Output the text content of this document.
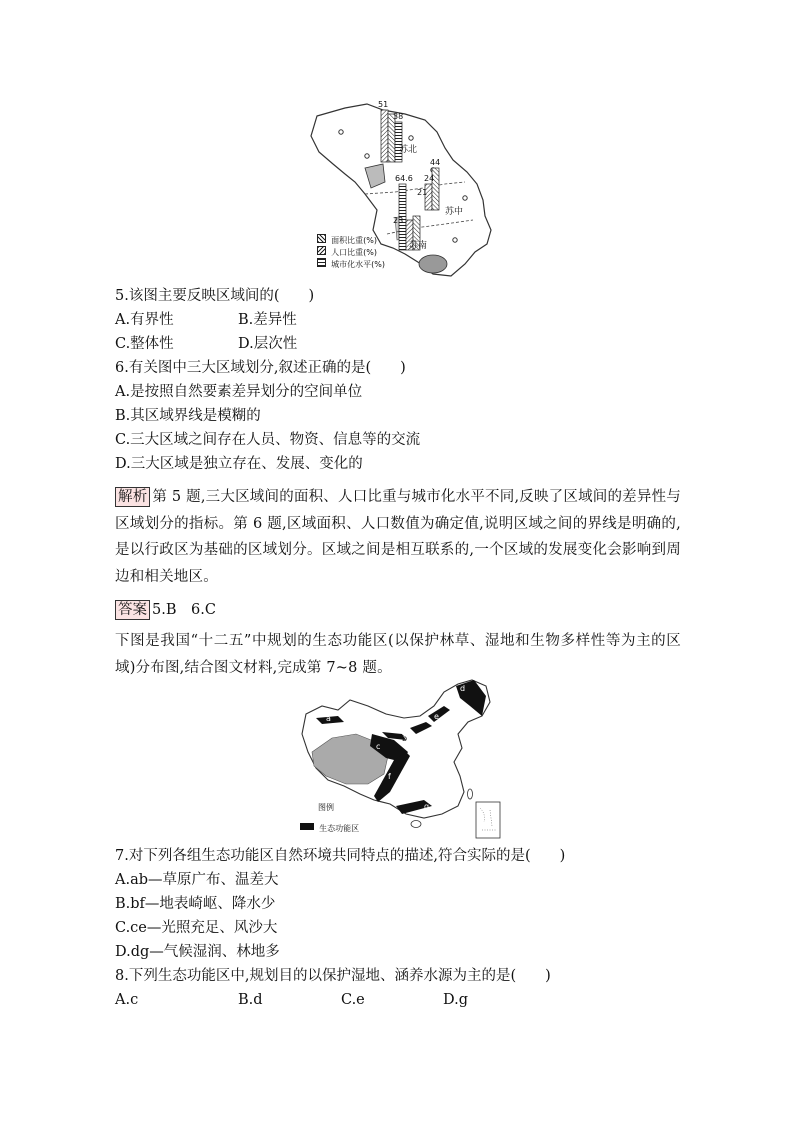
51
38
苏北
44
24
64.6
21
23
苏中
苏南
面积比重(%)
人口比重(%)
城市化水平(%)
5.该图主要反映区域间的(　　)
A.有界性	B.差异性
C.整体性	D.层次性
6.有关图中三大区域划分,叙述正确的是(　　)
A.是按照自然要素差异划分的空间单位
B.其区域界线是模糊的
C.三大区域之间存在人员、物资、信息等的交流
D.三大区域是独立存在、发展、变化的
解析 第 5 题,三大区域间的面积、人口比重与城市化水平不同,反映了区域间的差异性与区域划分的指标。第 6 题,区域面积、人口数值为确定值,说明区域之间的界线是明确的,是以行政区为基础的区域划分。区域之间是相互联系的,一个区域的发展变化会影响到周边和相关地区。
答案 5.B　6.C
下图是我国“十二五”中规划的生态功能区(以保护林草、湿地和生物多样性等为主的区域)分布图,结合图文材料,完成第 7~8 题。
a
b
c
d
e
f
g
图例
生态功能区
7.对下列各组生态功能区自然环境共同特点的描述,符合实际的是(　　)
A.ab—草原广布、温差大
B.bf—地表崎岖、降水少
C.ce—光照充足、风沙大
D.dg—气候湿润、林地多
8.下列生态功能区中,规划目的以保护湿地、涵养水源为主的是(　　)
A.c	B.d	C.e	D.g
